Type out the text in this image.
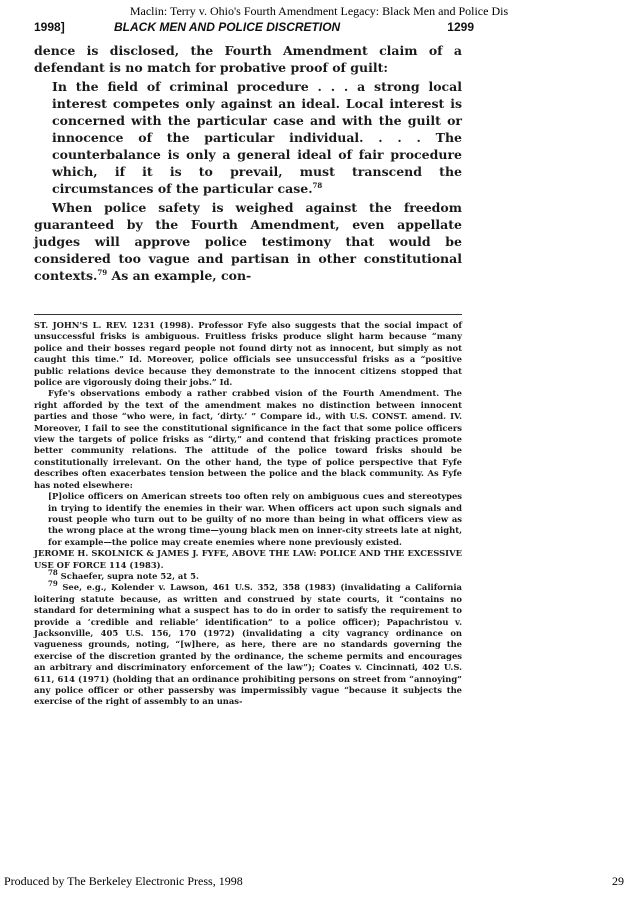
Maclin: Terry v. Ohio's Fourth Amendment Legacy: Black Men and Police Dis
1998]	BLACK MEN AND POLICE DISCRETION	1299

dence is disclosed, the Fourth Amendment claim of a defendant is no match for probative proof of guilt:

In the field of criminal procedure . . . a strong local interest competes only against an ideal. Local interest is concerned with the particular case and with the guilt or innocence of the particular individual. . . . The counterbalance is only a general ideal of fair procedure which, if it is to prevail, must transcend the circumstances of the particular case.$^{78}$

When police safety is weighed against the freedom guaranteed by the Fourth Amendment, even appellate judges will approve police testimony that would be considered too vague and partisan in other constitutional contexts.$^{79}$ As an example, con-

ST. JOHN'S L. REV. 1231 (1998). Professor Fyfe also suggests that the social impact of unsuccessful frisks is ambiguous. Fruitless frisks produce slight harm because “many police and their bosses regard people not found dirty not as innocent, but simply as not caught this time.” Id. Moreover, police officials see unsuccessful frisks as a “positive public relations device because they demonstrate to the innocent citizens stopped that police are vigorously doing their jobs.” Id.

Fyfe's observations embody a rather crabbed vision of the Fourth Amendment. The right afforded by the text of the amendment makes no distinction between innocent parties and those “who were, in fact, ‘dirty.’ ” Compare id., with U.S. CONST. amend. IV. Moreover, I fail to see the constitutional significance in the fact that some police officers view the targets of police frisks as “dirty,” and contend that frisking practices promote better community relations. The attitude of the police toward frisks should be constitutionally irrelevant. On the other hand, the type of police perspective that Fyfe describes often exacerbates tension between the police and the black community. As Fyfe has noted elsewhere:

[P]olice officers on American streets too often rely on ambiguous cues and stereotypes in trying to identify the enemies in their war. When officers act upon such signals and roust people who turn out to be guilty of no more than being in what officers view as the wrong place at the wrong time—young black men on inner-city streets late at night, for example—the police may create enemies where none previously existed.

JEROME H. SKOLNICK & JAMES J. FYFE, ABOVE THE LAW: POLICE AND THE EXCESSIVE USE OF FORCE 114 (1983).

$^{78}$ Schaefer, supra note 52, at 5.

$^{79}$ See, e.g., Kolender v. Lawson, 461 U.S. 352, 358 (1983) (invalidating a California loitering statute because, as written and construed by state courts, it “contains no standard for determining what a suspect has to do in order to satisfy the requirement to provide a ‘credible and reliable’ identification” to a police officer); Papachristou v. Jacksonville, 405 U.S. 156, 170 (1972) (invalidating a city vagrancy ordinance on vagueness grounds, noting, “[w]here, as here, there are no standards governing the exercise of the discretion granted by the ordinance, the scheme permits and encourages an arbitrary and discriminatory enforcement of the law”); Coates v. Cincinnati, 402 U.S. 611, 614 (1971) (holding that an ordinance prohibiting persons on street from “annoying” any police officer or other passersby was impermissibly vague “because it subjects the exercise of the right of assembly to an unas-

Produced by The Berkeley Electronic Press, 1998	29
